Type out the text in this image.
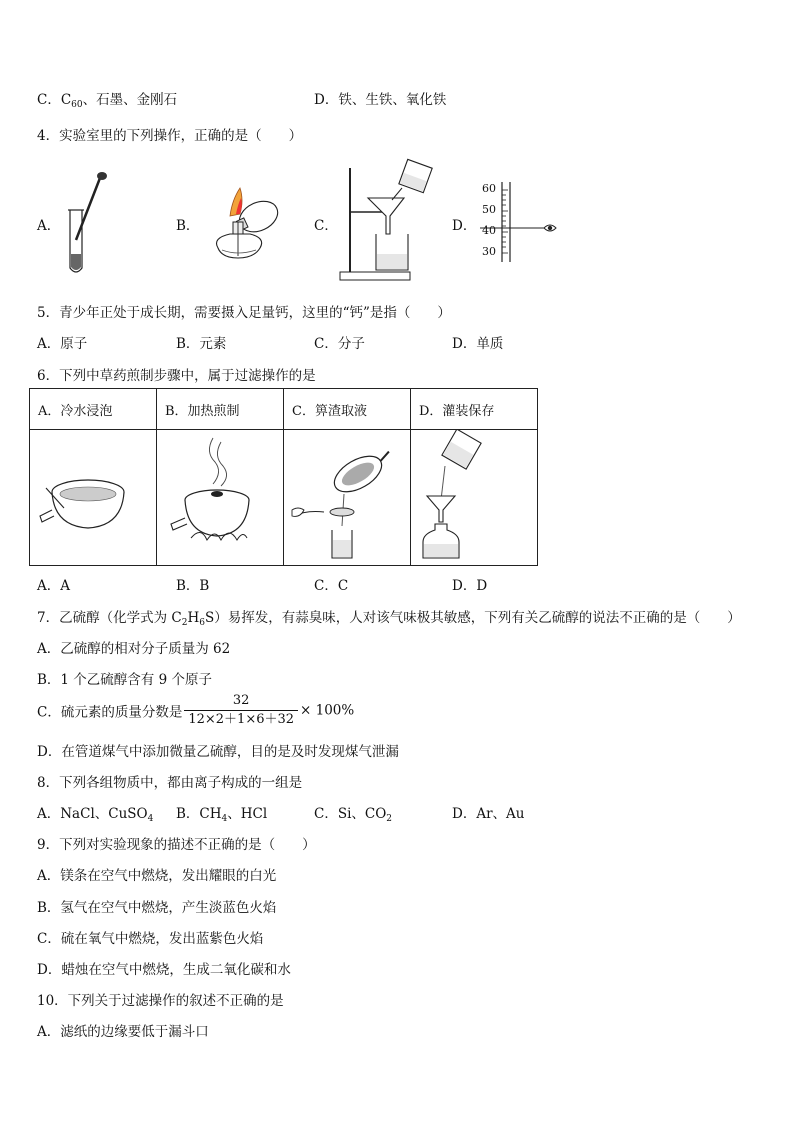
C．$C_{60}$、石墨、金刚石	D．铁、生铁、氧化铁
4．实验室里的下列操作，正确的是（　　）
A．	B．	C．	D．
60
50
40
30
5．青少年正处于成长期，需要摄入足量钙，这里的“钙”是指（　　）
A．原子	B．元素	C．分子	D．单质
6．下列中草药煎制步骤中，属于过滤操作的是
A．冷水浸泡	B．加热煎制	C．箅渣取液	D．灌装保存

A．A	B．B	C．C	D．D
7．乙硫醇（化学式为 $C_2H_6S$）易挥发，有蒜臭味，人对该气味极其敏感，下列有关乙硫醇的说法不正确的是（　　）
A．乙硫醇的相对分子质量为 62
B．1 个乙硫醇含有 9 个原子
C．硫元素的质量分数是 $\frac{32}{12\times 2+1\times 6+32} \times 100\%$
D．在管道煤气中添加微量乙硫醇，目的是及时发现煤气泄漏
8．下列各组物质中，都由离子构成的一组是
A．NaCl、CuSO$_4$ B．$CH_4$、HCl	C．Si、$CO_2$	D．Ar、Au
9．下列对实验现象的描述不正确的是（　　）
A．镁条在空气中燃烧，发出耀眼的白光
B．氢气在空气中燃烧，产生淡蓝色火焰
C．硫在氧气中燃烧，发出蓝紫色火焰
D．蜡烛在空气中燃烧，生成二氧化碳和水
10．下列关于过滤操作的叙述不正确的是
A．滤纸的边缘要低于漏斗口
